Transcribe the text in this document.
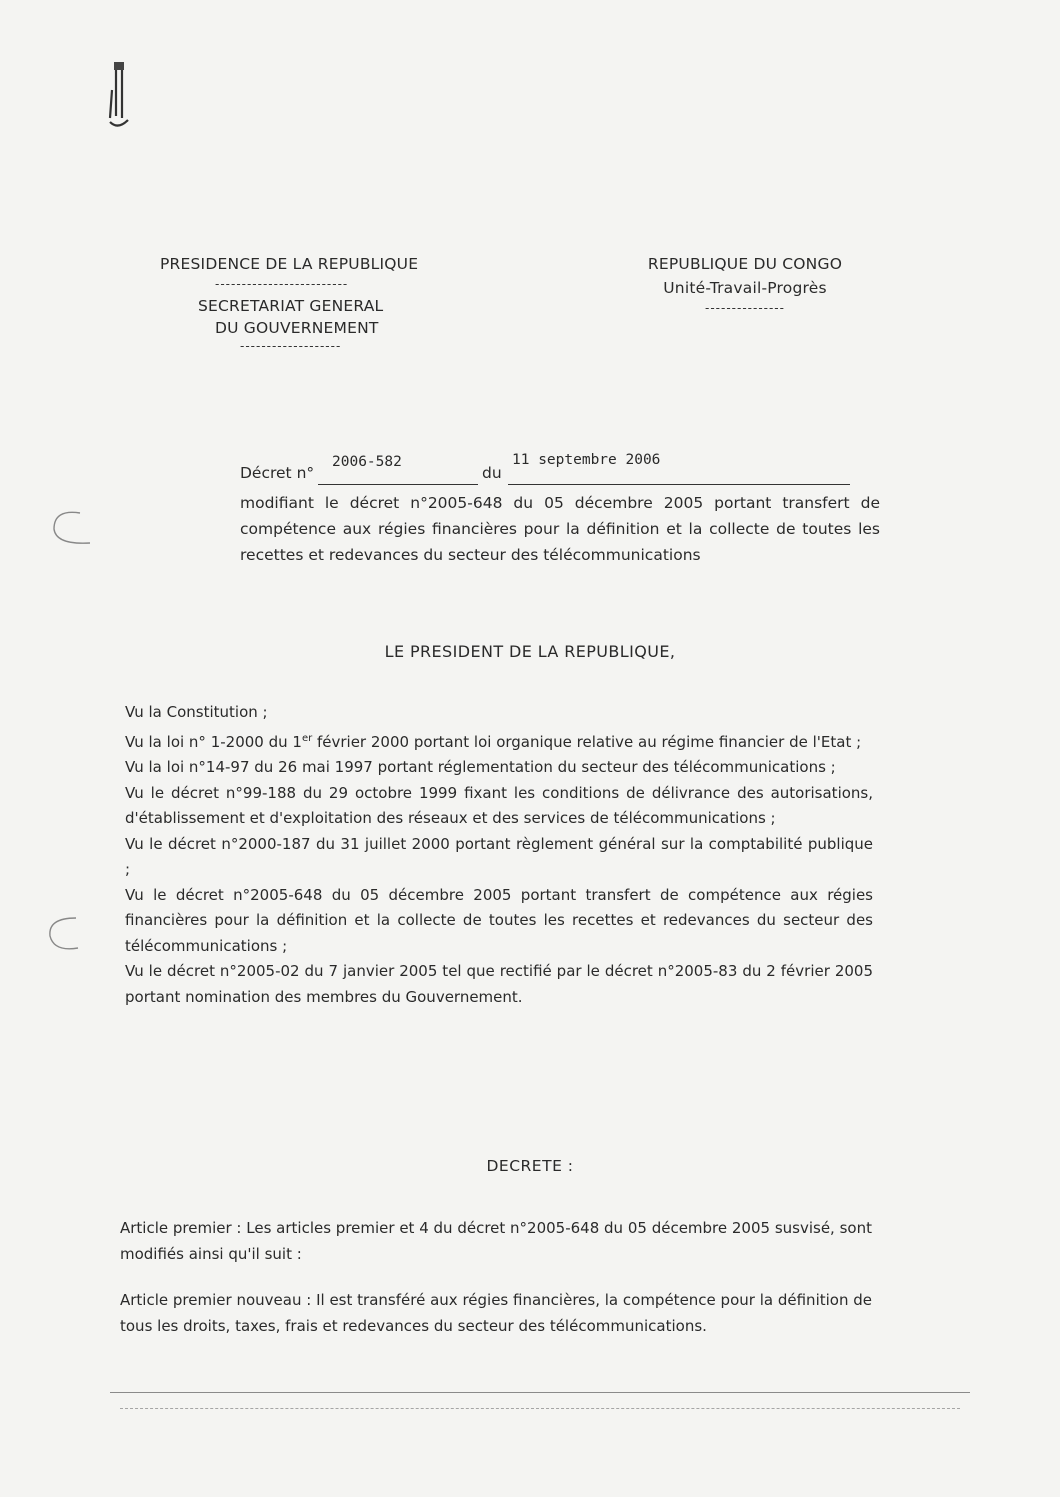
PRESIDENCE DE LA REPUBLIQUE
-------------------------
SECRETARIAT GENERAL
DU GOUVERNEMENT
-------------------
REPUBLIQUE DU CONGO
Unité-Travail-Progrès
---------------
Décret n°
2006-582
du
11 septembre 2006

modifiant le décret n°2005-648 du 05 décembre 2005 portant transfert de compétence aux régies financières pour la définition et la collecte de toutes les recettes et redevances du secteur des télécommunications

LE PRESIDENT DE LA REPUBLIQUE,

Vu la Constitution ;

Vu la loi n° 1-2000 du 1er février 2000 portant loi organique relative au régime financier de l'Etat ;

Vu la loi n°14-97 du 26 mai 1997 portant réglementation du secteur des télécommunications ;

Vu le décret n°99-188 du 29 octobre 1999 fixant les conditions de délivrance des autorisations, d'établissement et d'exploitation des réseaux et des services de télécommunications ;

Vu le décret n°2000-187 du 31 juillet 2000 portant règlement général sur la comptabilité publique ;

Vu le décret n°2005-648 du 05 décembre 2005 portant transfert de compétence aux régies financières pour la définition et la collecte de toutes les recettes et redevances du secteur des télécommunications ;

Vu le décret n°2005-02 du 7 janvier 2005 tel que rectifié par le décret n°2005-83 du 2 février 2005 portant nomination des membres du Gouvernement.

DECRETE :

Article premier : Les articles premier et 4 du décret n°2005-648 du 05 décembre 2005 susvisé, sont modifiés ainsi qu'il suit :

Article premier nouveau : Il est transféré aux régies financières, la compétence pour la définition de tous les droits, taxes, frais et redevances du secteur des télécommunications.
